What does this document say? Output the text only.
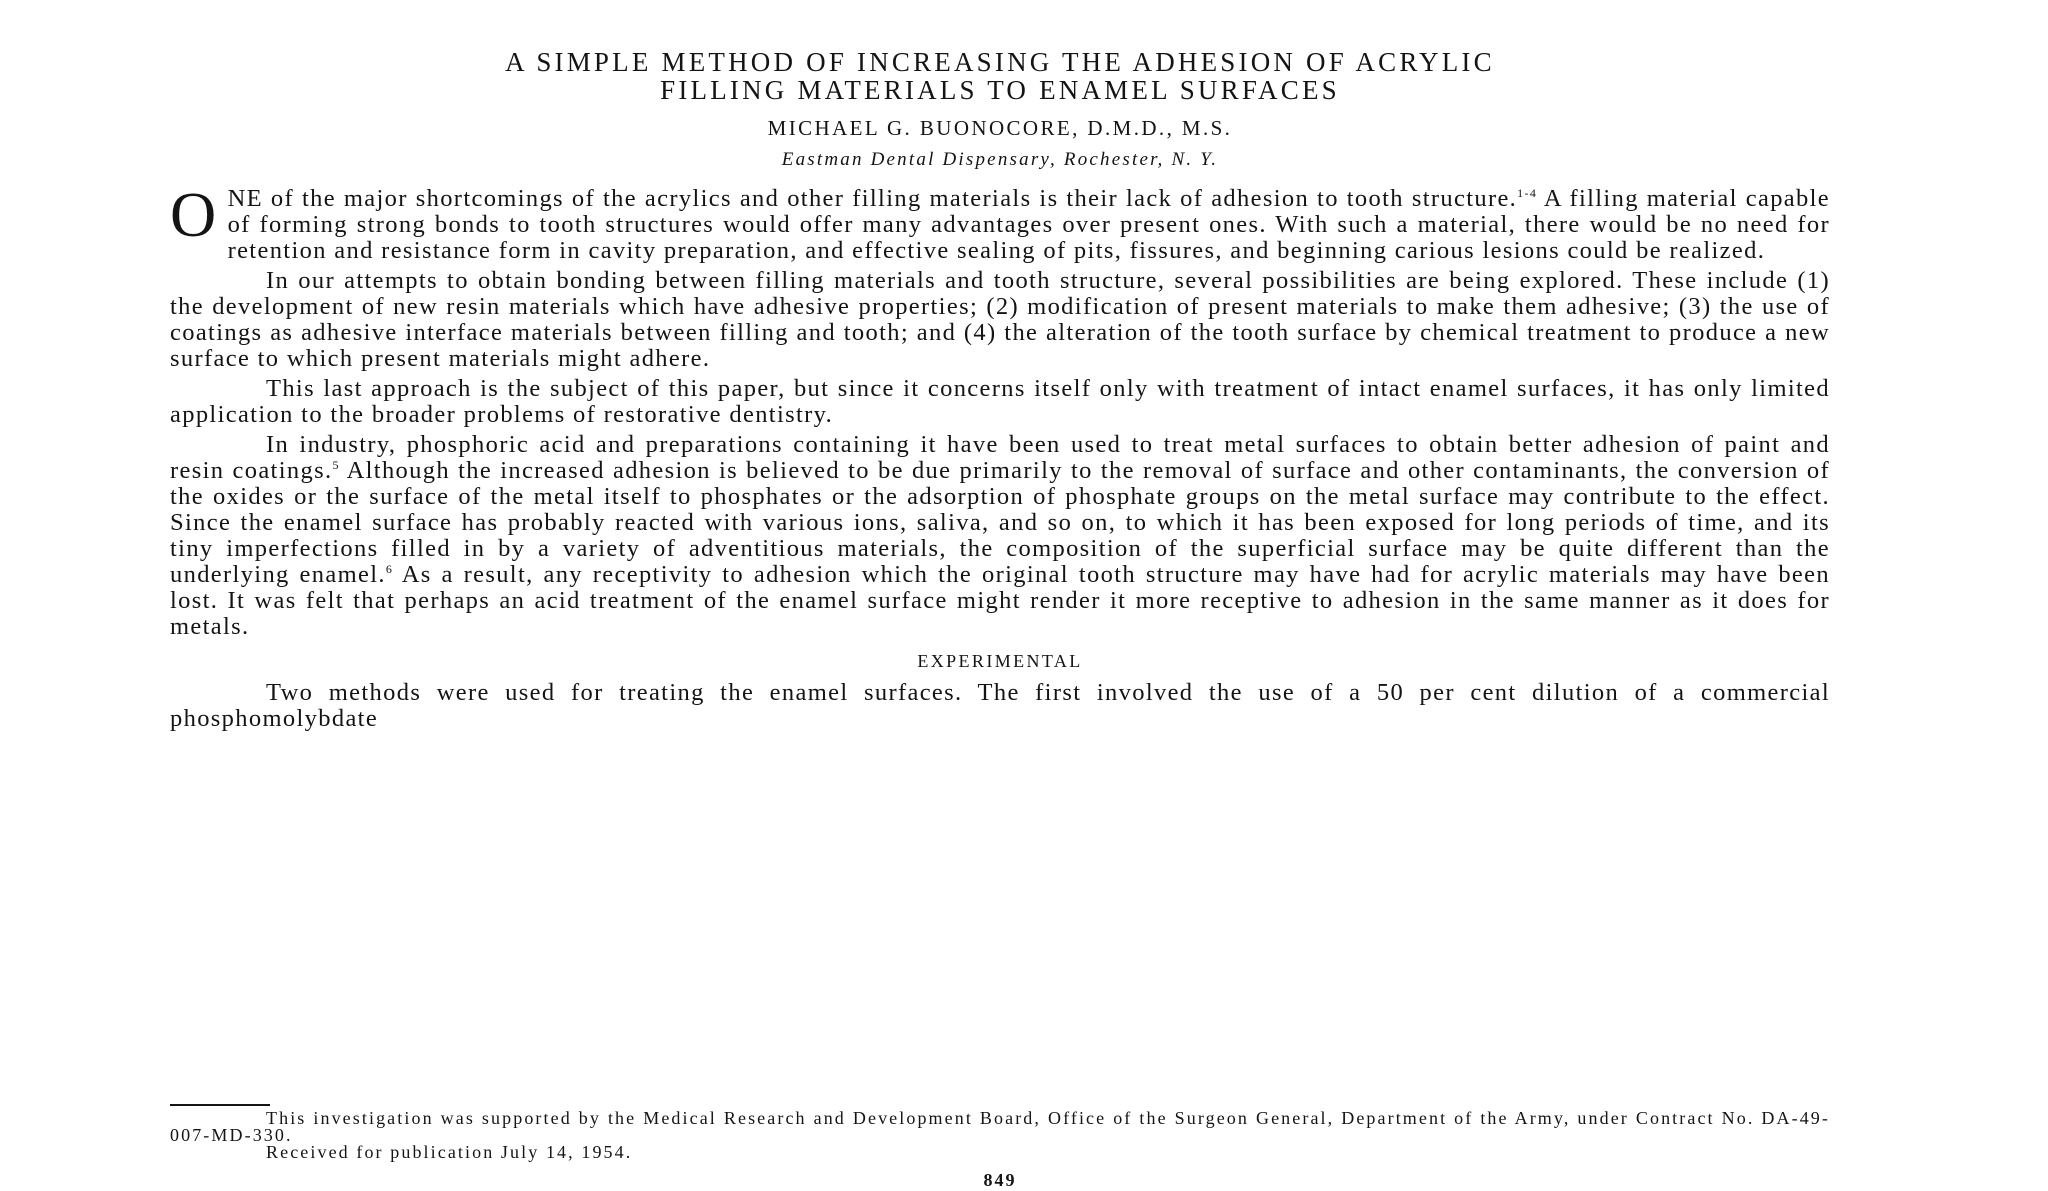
A SIMPLE METHOD OF INCREASING THE ADHESION OF ACRYLIC
FILLING MATERIALS TO ENAMEL SURFACES
MICHAEL G. BUONOCORE, D.M.D., M.S.
Eastman Dental Dispensary, Rochester, N. Y.

ONE of the major shortcomings of the acrylics and other filling materials is their lack of adhesion to tooth structure.$^{1-4}$ A filling material capable of forming strong bonds to tooth structures would offer many advantages over present ones. With such a material, there would be no need for retention and resistance form in cavity preparation, and effective sealing of pits, fissures, and beginning carious lesions could be realized.

In our attempts to obtain bonding between filling materials and tooth structure, several possibilities are being explored. These include (1) the development of new resin materials which have adhesive properties; (2) modification of present materials to make them adhesive; (3) the use of coatings as adhesive interface materials between filling and tooth; and (4) the alteration of the tooth surface by chemical treatment to produce a new surface to which present materials might adhere.

This last approach is the subject of this paper, but since it concerns itself only with treatment of intact enamel surfaces, it has only limited application to the broader problems of restorative dentistry.

In industry, phosphoric acid and preparations containing it have been used to treat metal surfaces to obtain better adhesion of paint and resin coatings.$^5$ Although the increased adhesion is believed to be due primarily to the removal of surface and other contaminants, the conversion of the oxides or the surface of the metal itself to phosphates or the adsorption of phosphate groups on the metal surface may contribute to the effect. Since the enamel surface has probably reacted with various ions, saliva, and so on, to which it has been exposed for long periods of time, and its tiny imperfections filled in by a variety of adventitious materials, the composition of the superficial surface may be quite different than the underlying enamel.$^6$ As a result, any receptivity to adhesion which the original tooth structure may have had for acrylic materials may have been lost. It was felt that perhaps an acid treatment of the enamel surface might render it more receptive to adhesion in the same manner as it does for metals.

EXPERIMENTAL

Two methods were used for treating the enamel surfaces. The first involved the use of a 50 per cent dilution of a commercial phosphomolybdate

This investigation was supported by the Medical Research and Development Board, Office of the Surgeon General, Department of the Army, under Contract No. DA-49-007-MD-330.
Received for publication July 14, 1954.
849
